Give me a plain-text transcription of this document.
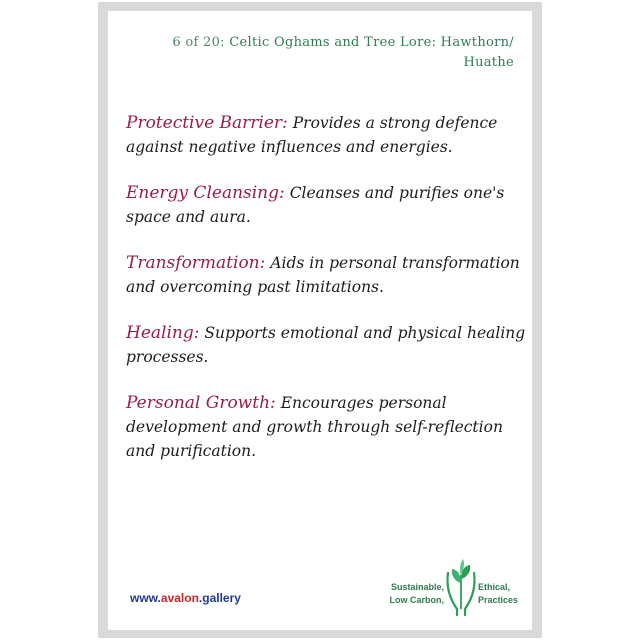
6 of 20: Celtic Oghams and Tree Lore: Hawthorn/
Huathe
Protective Barrier: Provides a strong defence against negative influences and energies.
Energy Cleansing: Cleanses and purifies one's space and aura.
Transformation: Aids in personal transformation and overcoming past limitations.
Healing: Supports emotional and physical healing processes.
Personal Growth: Encourages personal development and growth through self-reflection and purification.
www.avalon.gallery
Sustainable,
Low Carbon,
Ethical,
Practices
